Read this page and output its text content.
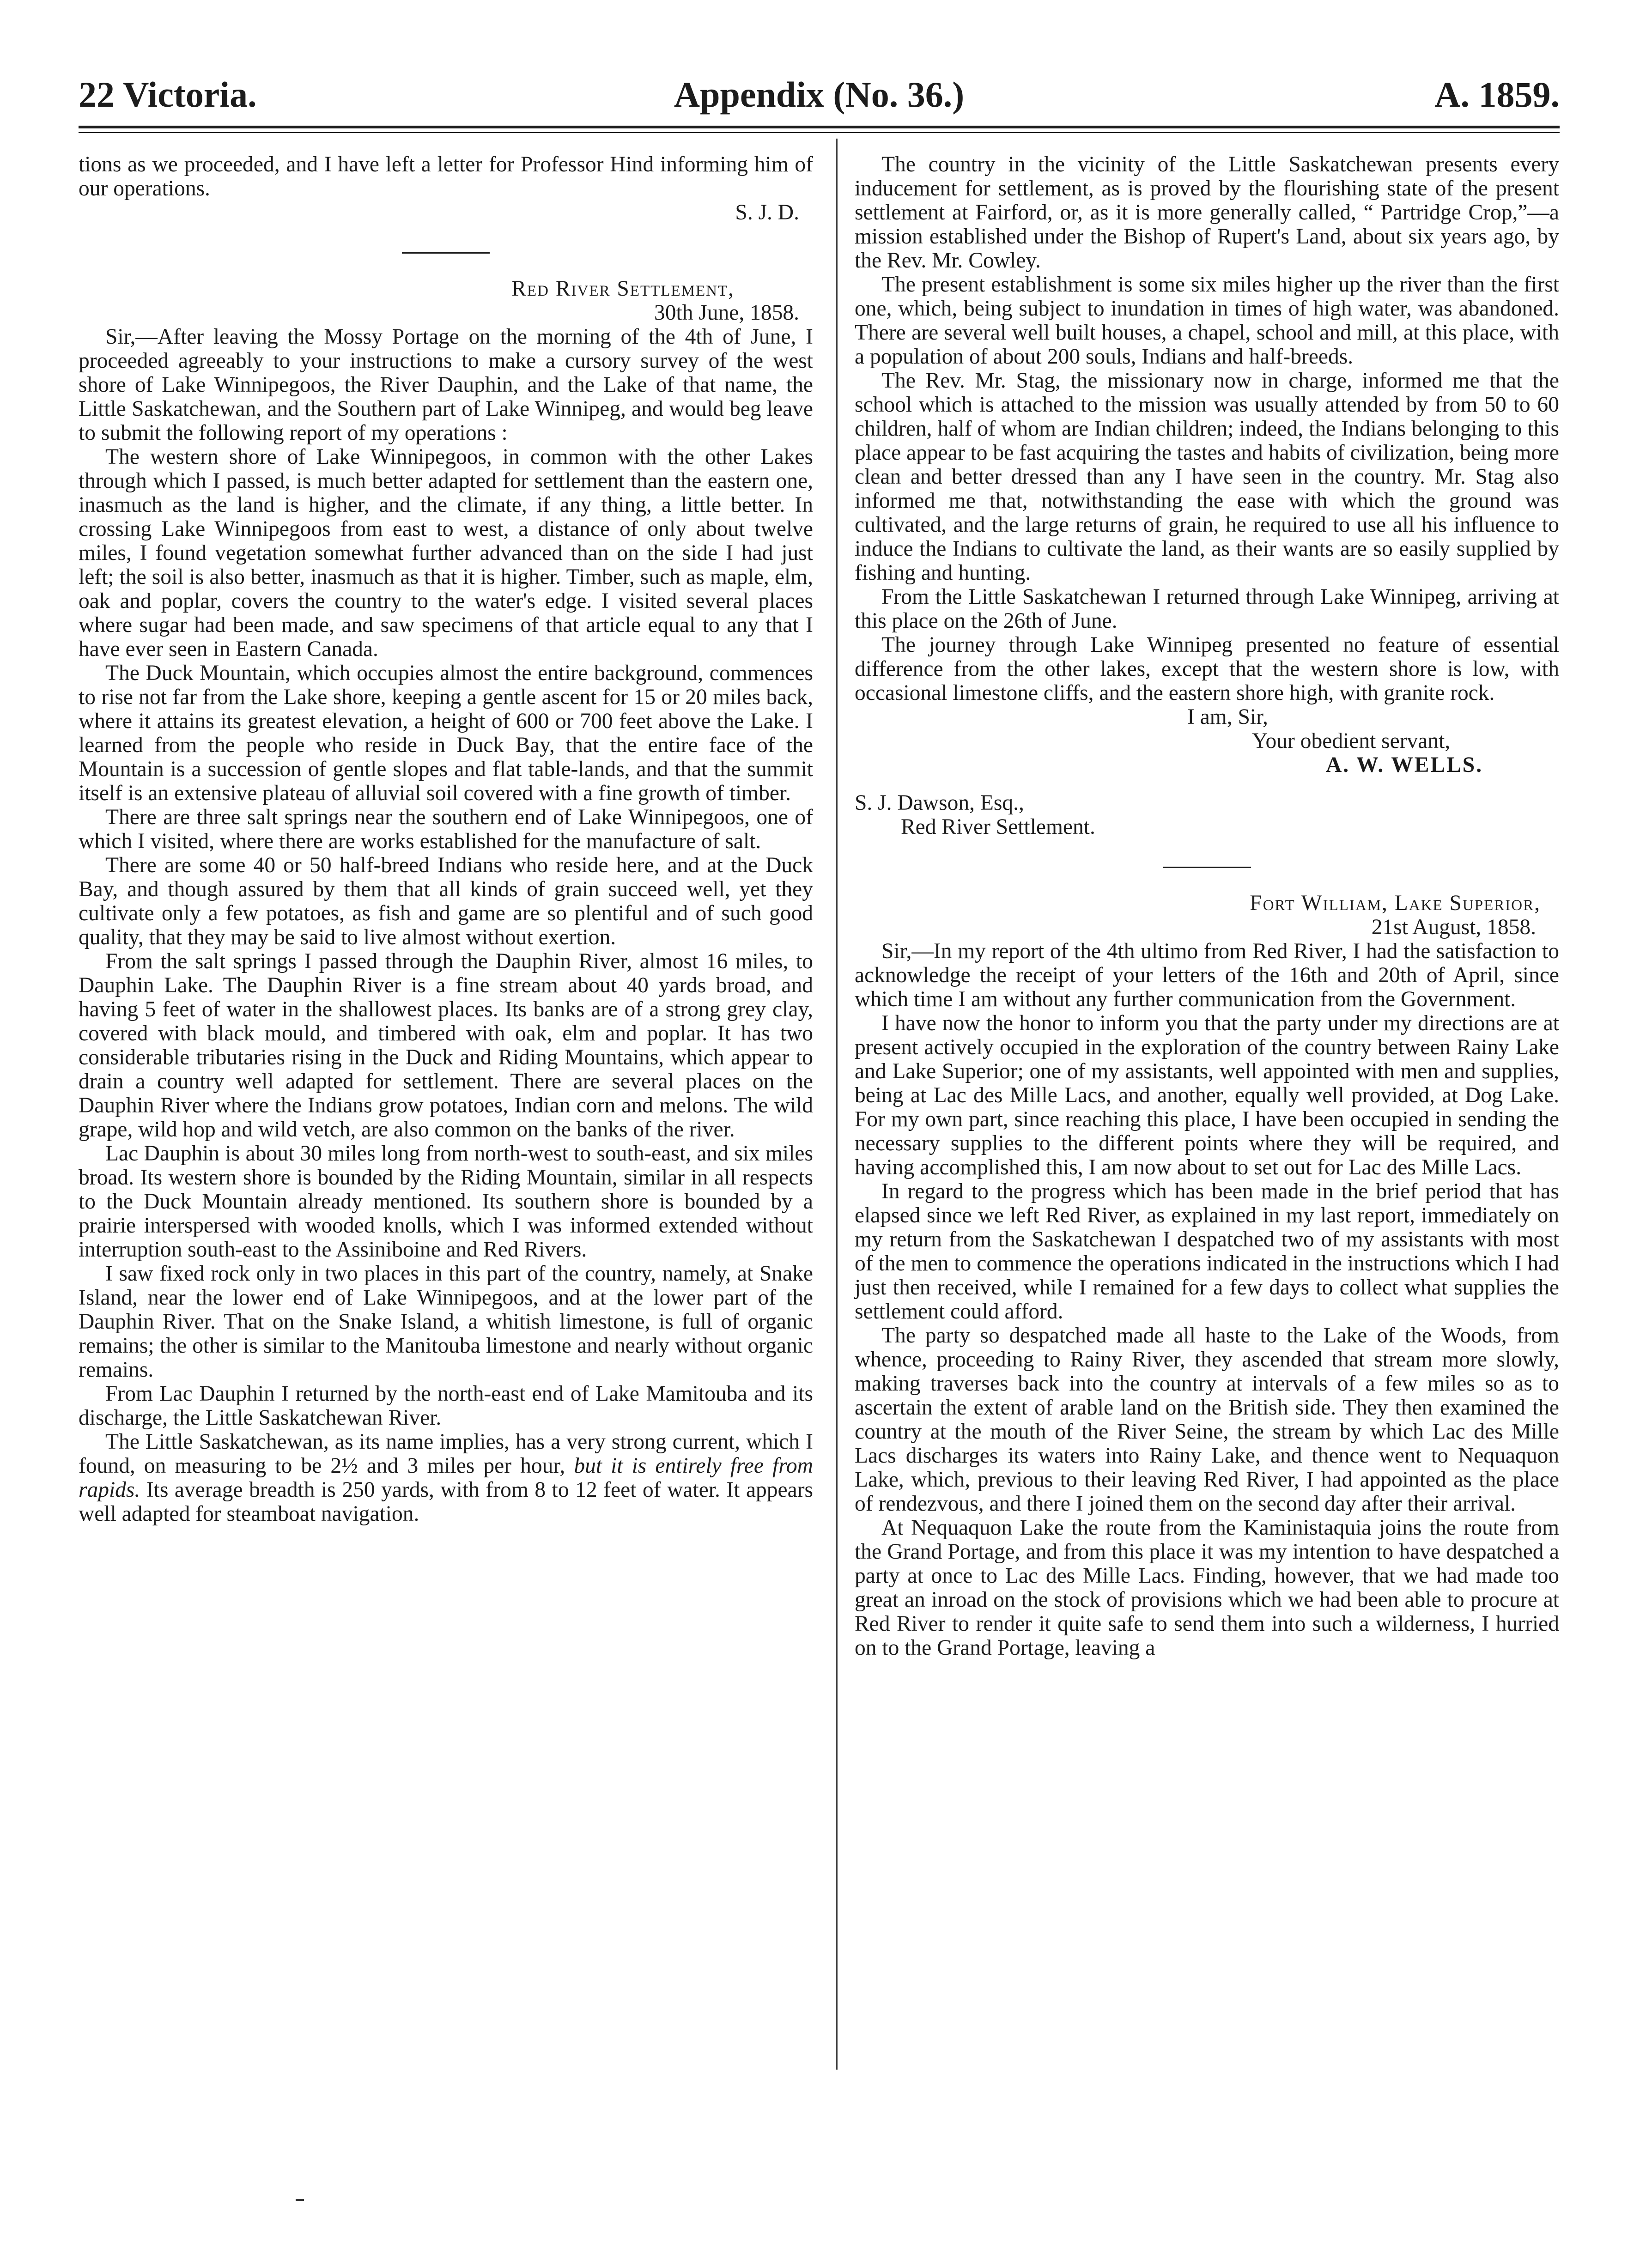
22 Victoria.	Appendix (No. 36.)	A. 1859.

tions as we proceeded, and I have left a letter for Professor Hind informing him of our operations.

S. J. D.

Red River Settlement,
30th June, 1858.

Sir,—After leaving the Mossy Portage on the morning of the 4th of June, I proceeded agreeably to your instructions to make a cursory survey of the west shore of Lake Winnipegoos, the River Dauphin, and the Lake of that name, the Little Saskatchewan, and the Southern part of Lake Winnipeg, and would beg leave to submit the following report of my operations :

The western shore of Lake Winnipegoos, in common with the other Lakes through which I passed, is much better adapted for settlement than the eastern one, inasmuch as the land is higher, and the climate, if any thing, a little better. In crossing Lake Winnipegoos from east to west, a distance of only about twelve miles, I found vegetation somewhat further advanced than on the side I had just left; the soil is also better, inasmuch as that it is higher. Timber, such as maple, elm, oak and poplar, covers the country to the water's edge. I visited several places where sugar had been made, and saw specimens of that article equal to any that I have ever seen in Eastern Canada.

The Duck Mountain, which occupies almost the entire background, commences to rise not far from the Lake shore, keeping a gentle ascent for 15 or 20 miles back, where it attains its greatest elevation, a height of 600 or 700 feet above the Lake. I learned from the people who reside in Duck Bay, that the entire face of the Mountain is a succession of gentle slopes and flat table-lands, and that the summit itself is an extensive plateau of alluvial soil covered with a fine growth of timber.

There are three salt springs near the southern end of Lake Winnipegoos, one of which I visited, where there are works established for the manufacture of salt.

There are some 40 or 50 half-breed Indians who reside here, and at the Duck Bay, and though assured by them that all kinds of grain succeed well, yet they cultivate only a few potatoes, as fish and game are so plentiful and of such good quality, that they may be said to live almost without exertion.

From the salt springs I passed through the Dauphin River, almost 16 miles, to Dauphin Lake. The Dauphin River is a fine stream about 40 yards broad, and having 5 feet of water in the shallowest places. Its banks are of a strong grey clay, covered with black mould, and timbered with oak, elm and poplar. It has two considerable tributaries rising in the Duck and Riding Mountains, which appear to drain a country well adapted for settlement. There are several places on the Dauphin River where the Indians grow potatoes, Indian corn and melons. The wild grape, wild hop and wild vetch, are also common on the banks of the river.

Lac Dauphin is about 30 miles long from north-west to south-east, and six miles broad. Its western shore is bounded by the Riding Mountain, similar in all respects to the Duck Mountain already mentioned. Its southern shore is bounded by a prairie interspersed with wooded knolls, which I was informed extended without interruption south-east to the Assiniboine and Red Rivers.

I saw fixed rock only in two places in this part of the country, namely, at Snake Island, near the lower end of Lake Winnipegoos, and at the lower part of the Dauphin River. That on the Snake Island, a whitish limestone, is full of organic remains; the other is similar to the Manitouba limestone and nearly without organic remains.

From Lac Dauphin I returned by the north-east end of Lake Mamitouba and its discharge, the Little Saskatchewan River.

The Little Saskatchewan, as its name implies, has a very strong current, which I found, on measuring to be 2½ and 3 miles per hour, but it is entirely free from rapids. Its average breadth is 250 yards, with from 8 to 12 feet of water. It appears well adapted for steamboat navigation.

The country in the vicinity of the Little Saskatchewan presents every inducement for settlement, as is proved by the flourishing state of the present settlement at Fairford, or, as it is more generally called, “ Partridge Crop,”—a mission established under the Bishop of Rupert's Land, about six years ago, by the Rev. Mr. Cowley.

The present establishment is some six miles higher up the river than the first one, which, being subject to inundation in times of high water, was abandoned. There are several well built houses, a chapel, school and mill, at this place, with a population of about 200 souls, Indians and half-breeds.

The Rev. Mr. Stag, the missionary now in charge, informed me that the school which is attached to the mission was usually attended by from 50 to 60 children, half of whom are Indian children; indeed, the Indians belonging to this place appear to be fast acquiring the tastes and habits of civilization, being more clean and better dressed than any I have seen in the country. Mr. Stag also informed me that, notwithstanding the ease with which the ground was cultivated, and the large returns of grain, he required to use all his influence to induce the Indians to cultivate the land, as their wants are so easily supplied by fishing and hunting.

From the Little Saskatchewan I returned through Lake Winnipeg, arriving at this place on the 26th of June.

The journey through Lake Winnipeg presented no feature of essential difference from the other lakes, except that the western shore is low, with occasional limestone cliffs, and the eastern shore high, with granite rock.

I am, Sir,
Your obedient servant,
A. W. WELLS.
S. J. Dawson, Esq.,
Red River Settlement.
Fort William, Lake Superior,
21st August, 1858.

Sir,—In my report of the 4th ultimo from Red River, I had the satisfaction to acknowledge the receipt of your letters of the 16th and 20th of April, since which time I am without any further communication from the Government.

I have now the honor to inform you that the party under my directions are at present actively occupied in the exploration of the country between Rainy Lake and Lake Superior; one of my assistants, well appointed with men and supplies, being at Lac des Mille Lacs, and another, equally well provided, at Dog Lake. For my own part, since reaching this place, I have been occupied in sending the necessary supplies to the different points where they will be required, and having accomplished this, I am now about to set out for Lac des Mille Lacs.

In regard to the progress which has been made in the brief period that has elapsed since we left Red River, as explained in my last report, immediately on my return from the Saskatchewan I despatched two of my assistants with most of the men to commence the operations indicated in the instructions which I had just then received, while I remained for a few days to collect what supplies the settlement could afford.

The party so despatched made all haste to the Lake of the Woods, from whence, proceeding to Rainy River, they ascended that stream more slowly, making traverses back into the country at intervals of a few miles so as to ascertain the extent of arable land on the British side. They then examined the country at the mouth of the River Seine, the stream by which Lac des Mille Lacs discharges its waters into Rainy Lake, and thence went to Nequaquon Lake, which, previous to their leaving Red River, I had appointed as the place of rendezvous, and there I joined them on the second day after their arrival.

At Nequaquon Lake the route from the Kaministaquia joins the route from the Grand Portage, and from this place it was my intention to have despatched a party at once to Lac des Mille Lacs. Finding, however, that we had made too great an inroad on the stock of provisions which we had been able to procure at Red River to render it quite safe to send them into such a wilderness, I hurried on to the Grand Portage, leaving a
